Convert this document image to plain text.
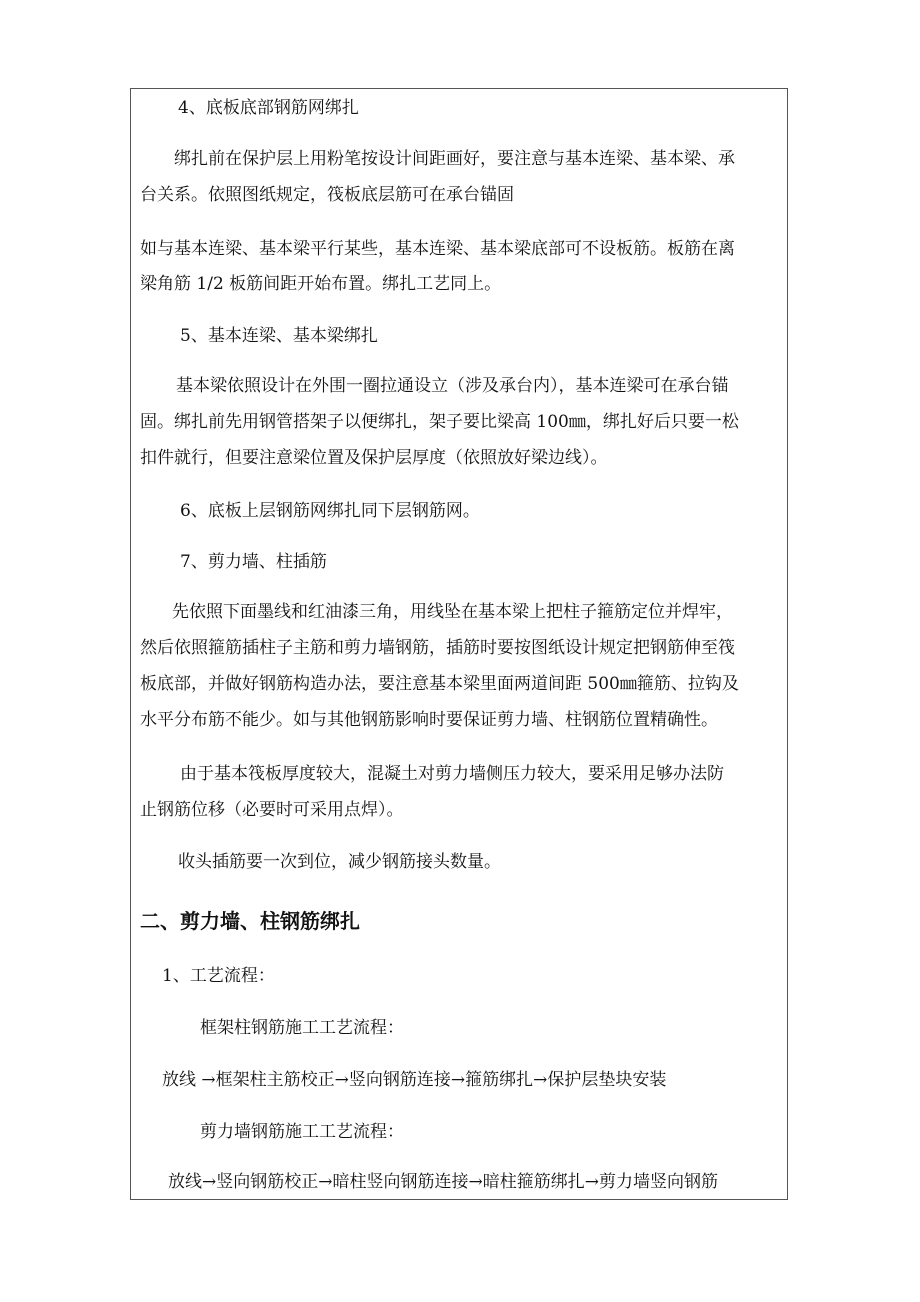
4、底板底部钢筋网绑扎
绑扎前在保护层上用粉笔按设计间距画好，要注意与基本连梁、基本梁、承
台关系。依照图纸规定，筏板底层筋可在承台锚固
如与基本连梁、基本梁平行某些，基本连梁、基本梁底部可不设板筋。板筋在离
梁角筋 1/2 板筋间距开始布置。绑扎工艺同上。
5、基本连梁、基本梁绑扎
基本梁依照设计在外围一圈拉通设立（涉及承台内），基本连梁可在承台锚
固。绑扎前先用钢管搭架子以便绑扎，架子要比梁高 100㎜，绑扎好后只要一松
扣件就行，但要注意梁位置及保护层厚度（依照放好梁边线）。
6、底板上层钢筋网绑扎同下层钢筋网。
7、剪力墙、柱插筋
先依照下面墨线和红油漆三角，用线坠在基本梁上把柱子箍筋定位并焊牢，
然后依照箍筋插柱子主筋和剪力墙钢筋，插筋时要按图纸设计规定把钢筋伸至筏
板底部，并做好钢筋构造办法，要注意基本梁里面两道间距 500㎜箍筋、拉钩及
水平分布筋不能少。如与其他钢筋影响时要保证剪力墙、柱钢筋位置精确性。
由于基本筏板厚度较大，混凝土对剪力墙侧压力较大，要采用足够办法防
止钢筋位移（必要时可采用点焊）。
收头插筋要一次到位，减少钢筋接头数量。
二、剪力墙、柱钢筋绑扎
1、工艺流程：
框架柱钢筋施工工艺流程：
放线 →框架柱主筋校正→竖向钢筋连接→箍筋绑扎→保护层垫块安装
剪力墙钢筋施工工艺流程：
放线→竖向钢筋校正→暗柱竖向钢筋连接→暗柱箍筋绑扎→剪力墙竖向钢筋
